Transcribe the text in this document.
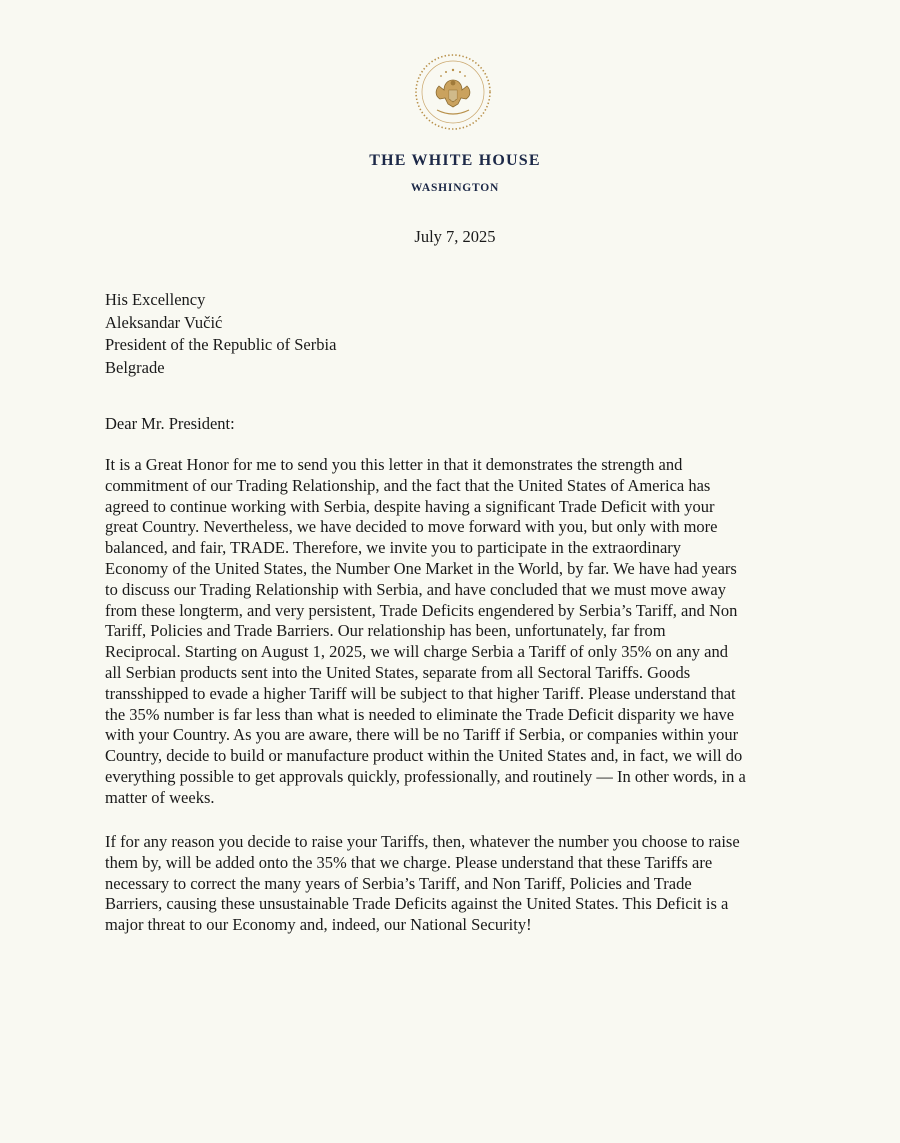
THE WHITE HOUSE
WASHINGTON
July 7, 2025
His Excellency
Aleksandar Vučić
President of the Republic of Serbia
Belgrade
Dear Mr. President:
It is a Great Honor for me to send you this letter in that it demonstrates the strength and
commitment of our Trading Relationship, and the fact that the United States of America has
agreed to continue working with Serbia, despite having a significant Trade Deficit with your
great Country. Nevertheless, we have decided to move forward with you, but only with more
balanced, and fair, TRADE. Therefore, we invite you to participate in the extraordinary
Economy of the United States, the Number One Market in the World, by far. We have had years
to discuss our Trading Relationship with Serbia, and have concluded that we must move away
from these longterm, and very persistent, Trade Deficits engendered by Serbia’s Tariff, and Non
Tariff, Policies and Trade Barriers. Our relationship has been, unfortunately, far from
Reciprocal. Starting on August 1, 2025, we will charge Serbia a Tariff of only 35% on any and
all Serbian products sent into the United States, separate from all Sectoral Tariffs. Goods
transshipped to evade a higher Tariff will be subject to that higher Tariff. Please understand that
the 35% number is far less than what is needed to eliminate the Trade Deficit disparity we have
with your Country. As you are aware, there will be no Tariff if Serbia, or companies within your
Country, decide to build or manufacture product within the United States and, in fact, we will do
everything possible to get approvals quickly, professionally, and routinely — In other words, in a
matter of weeks.
If for any reason you decide to raise your Tariffs, then, whatever the number you choose to raise
them by, will be added onto the 35% that we charge. Please understand that these Tariffs are
necessary to correct the many years of Serbia’s Tariff, and Non Tariff, Policies and Trade
Barriers, causing these unsustainable Trade Deficits against the United States. This Deficit is a
major threat to our Economy and, indeed, our National Security!
